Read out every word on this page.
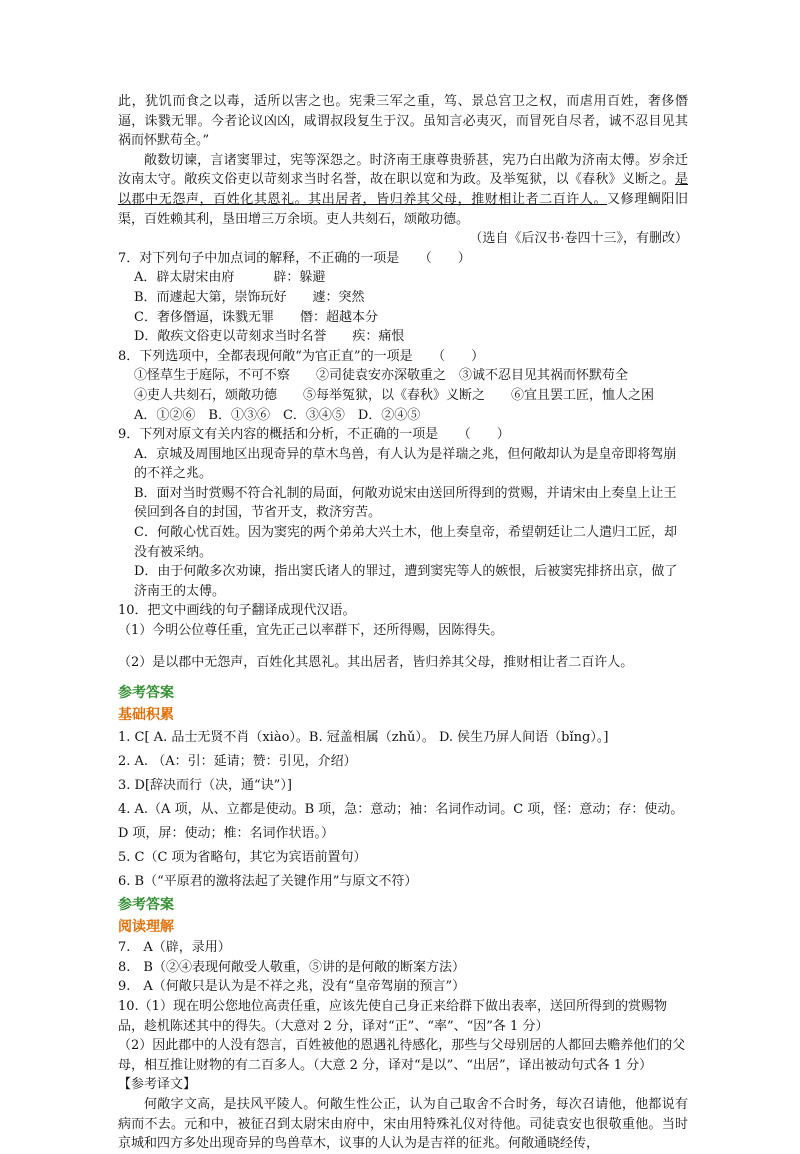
此，犹饥而食之以毒，适所以害之也。宪秉三军之重，笃、景总宫卫之权，而虐用百姓，奢侈僭逼，诛戮无罪。今者论议凶凶，咸谓叔段复生于汉。虽知言必夷灭，而冒死自尽者，诚不忍目见其祸而怀默苟全。”

敞数切谏，言诸窦罪过，宪等深怨之。时济南王康尊贵骄甚，宪乃白出敞为济南太傅。岁余迁汝南太守。敞疾文俗吏以苛刻求当时名誉，故在职以宽和为政。及举冤狱，以《春秋》义断之。是以郡中无怨声，百姓化其恩礼。其出居者，皆归养其父母，推财相让者二百许人。又修理鲷阳旧渠，百姓赖其利，垦田增三万余顷。吏人共刻石，颂敞功德。

（选自《后汉书·卷四十三》，有删改）

7．对下列句子中加点词的解释，不正确的一项是　　（　　）

A．辟太尉宋由府　　　辟：躲避

B．而遽起大第，崇饰玩好　　遽：突然

C．奢侈僭逼，诛戮无罪　　僭：超越本分

D．敞疾文俗吏以苛刻求当时名誉　　疾：痛恨

8．下列选项中，全都表现何敞“为官正直”的一项是　　（　　）

①怪草生于庭际，不可不察　　②司徒袁安亦深敬重之　③诚不忍目见其祸而怀默苟全

④吏人共刻石，颂敞功德　　⑤每举冤狱，以《春秋》义断之　　⑥宜且罢工匠，恤人之困

A．①②⑥　B．①③⑥　C．③④⑤　D．②④⑤

9．下列对原文有关内容的概括和分析，不正确的一项是　　（　　）

A．京城及周围地区出现奇异的草木鸟兽，有人认为是祥瑞之兆，但何敞却认为是皇帝即将驾崩的不祥之兆。

B．面对当时赏赐不符合礼制的局面，何敞劝说宋由送回所得到的赏赐，并请宋由上奏皇上让王侯回到各自的封国，节省开支，救济穷苦。

C．何敞心忧百姓。因为窦宪的两个弟弟大兴土木，他上奏皇帝，希望朝廷让二人遣归工匠，却没有被采纳。

D．由于何敞多次劝谏，指出窦氏诸人的罪过，遭到窦宪等人的嫉恨，后被窦宪排挤出京，做了济南王的太傅。

10．把文中画线的句子翻译成现代汉语。

（1）今明公位尊任重，宜先正己以率群下，还所得赐，因陈得失。

（2）是以郡中无怨声，百姓化其恩礼。其出居者，皆归养其父母，推财相让者二百许人。

参考答案

基础积累

1. C[ A. 品士无贤不肖（xiào）。B. 冠盖相属（zhǔ）。 D. 侯生乃屏人间语（bǐng）。]

2. A. （A：引：延请；赞：引见，介绍）

3. D[辞决而行（决，通“诀”）]

4. A.（A 项，从、立都是使动。B 项，急：意动；袖：名词作动词。C 项，怪：意动；存：使动。D 项，屏：使动；椎：名词作状语。）

5. C（C 项为省略句，其它为宾语前置句）

6. B（“平原君的激将法起了关键作用”与原文不符）

参考答案

阅读理解

7.　A（辟，录用）

8.　B（②④表现何敞受人敬重，⑤讲的是何敞的断案方法）

9.　A（何敞只是认为是不祥之兆，没有“皇帝驾崩的预言”）

10.（1）现在明公您地位高责任重，应该先使自己身正来给群下做出表率，送回所得到的赏赐物品，趁机陈述其中的得失。（大意对 2 分，译对“正”、“率”、“因”各 1 分）

（2）因此郡中的人没有怨言，百姓被他的恩遇礼待感化，那些与父母别居的人都回去赡养他们的父母，相互推让财物的有二百多人。（大意 2 分，译对“是以”、“出居”，译出被动句式各 1 分）

【参考译文】

何敞字文高，是扶风平陵人。何敞生性公正，认为自己取舍不合时务，每次召请他，他都说有病而不去。元和中，被征召到太尉宋由府中，宋由用特殊礼仪对待他。司徒袁安也很敬重他。当时京城和四方多处出现奇异的鸟兽草木，议事的人认为是吉祥的征兆。何敞通晓经传，
